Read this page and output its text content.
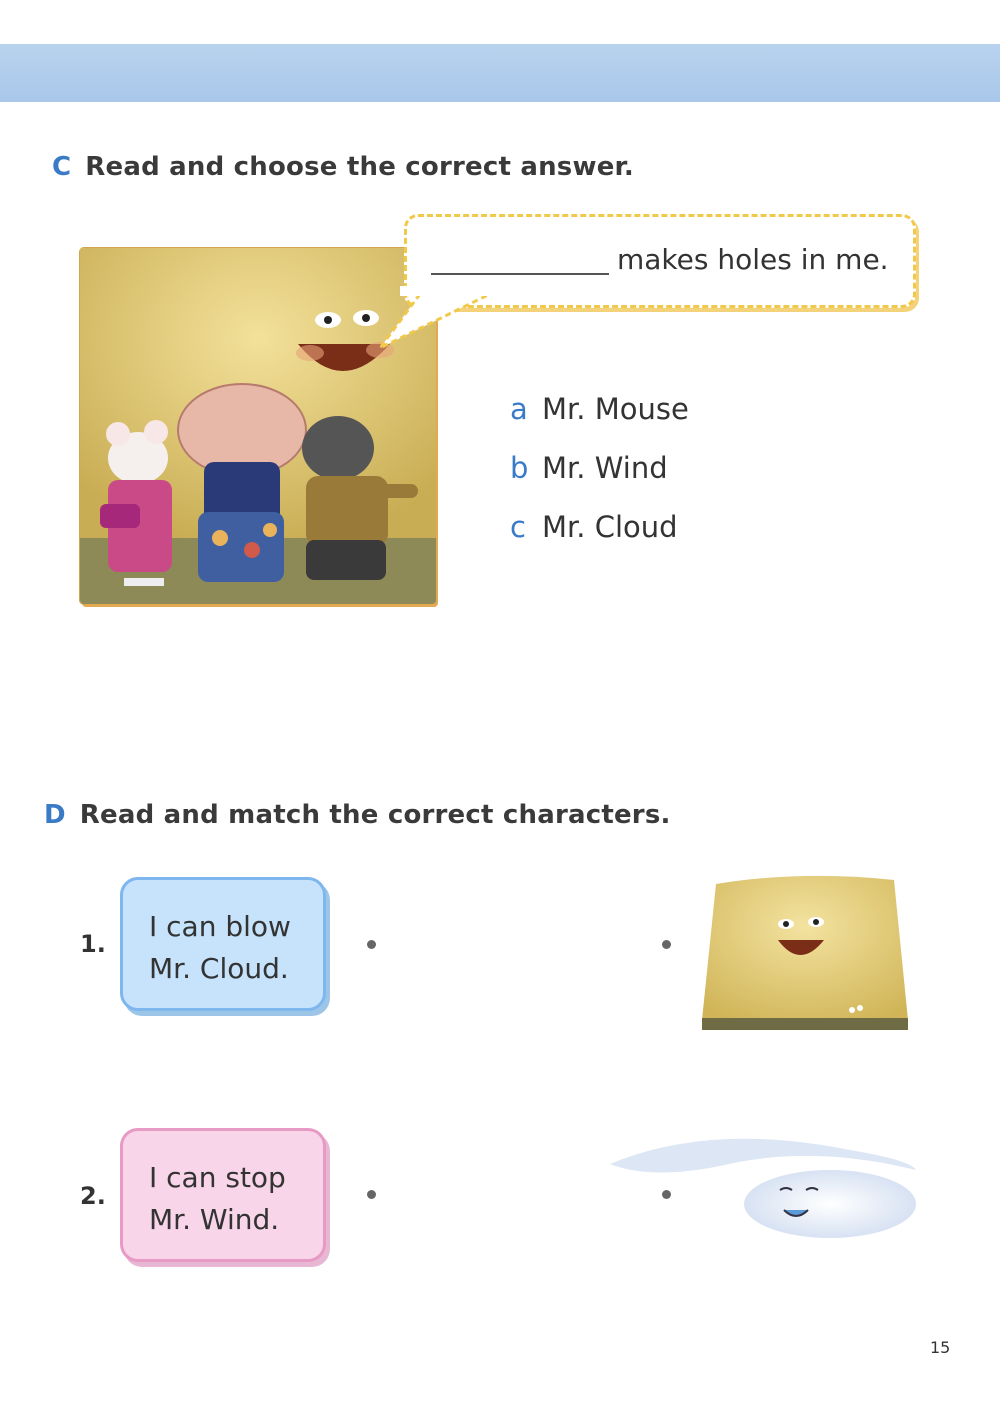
C Read and choose the correct answer.
makes holes in me.
a Mr. Mouse
b Mr. Wind
c Mr. Cloud
D Read and match the correct characters.
1.
I can blow
Mr. Cloud.
2.
I can stop
Mr. Wind.
15
